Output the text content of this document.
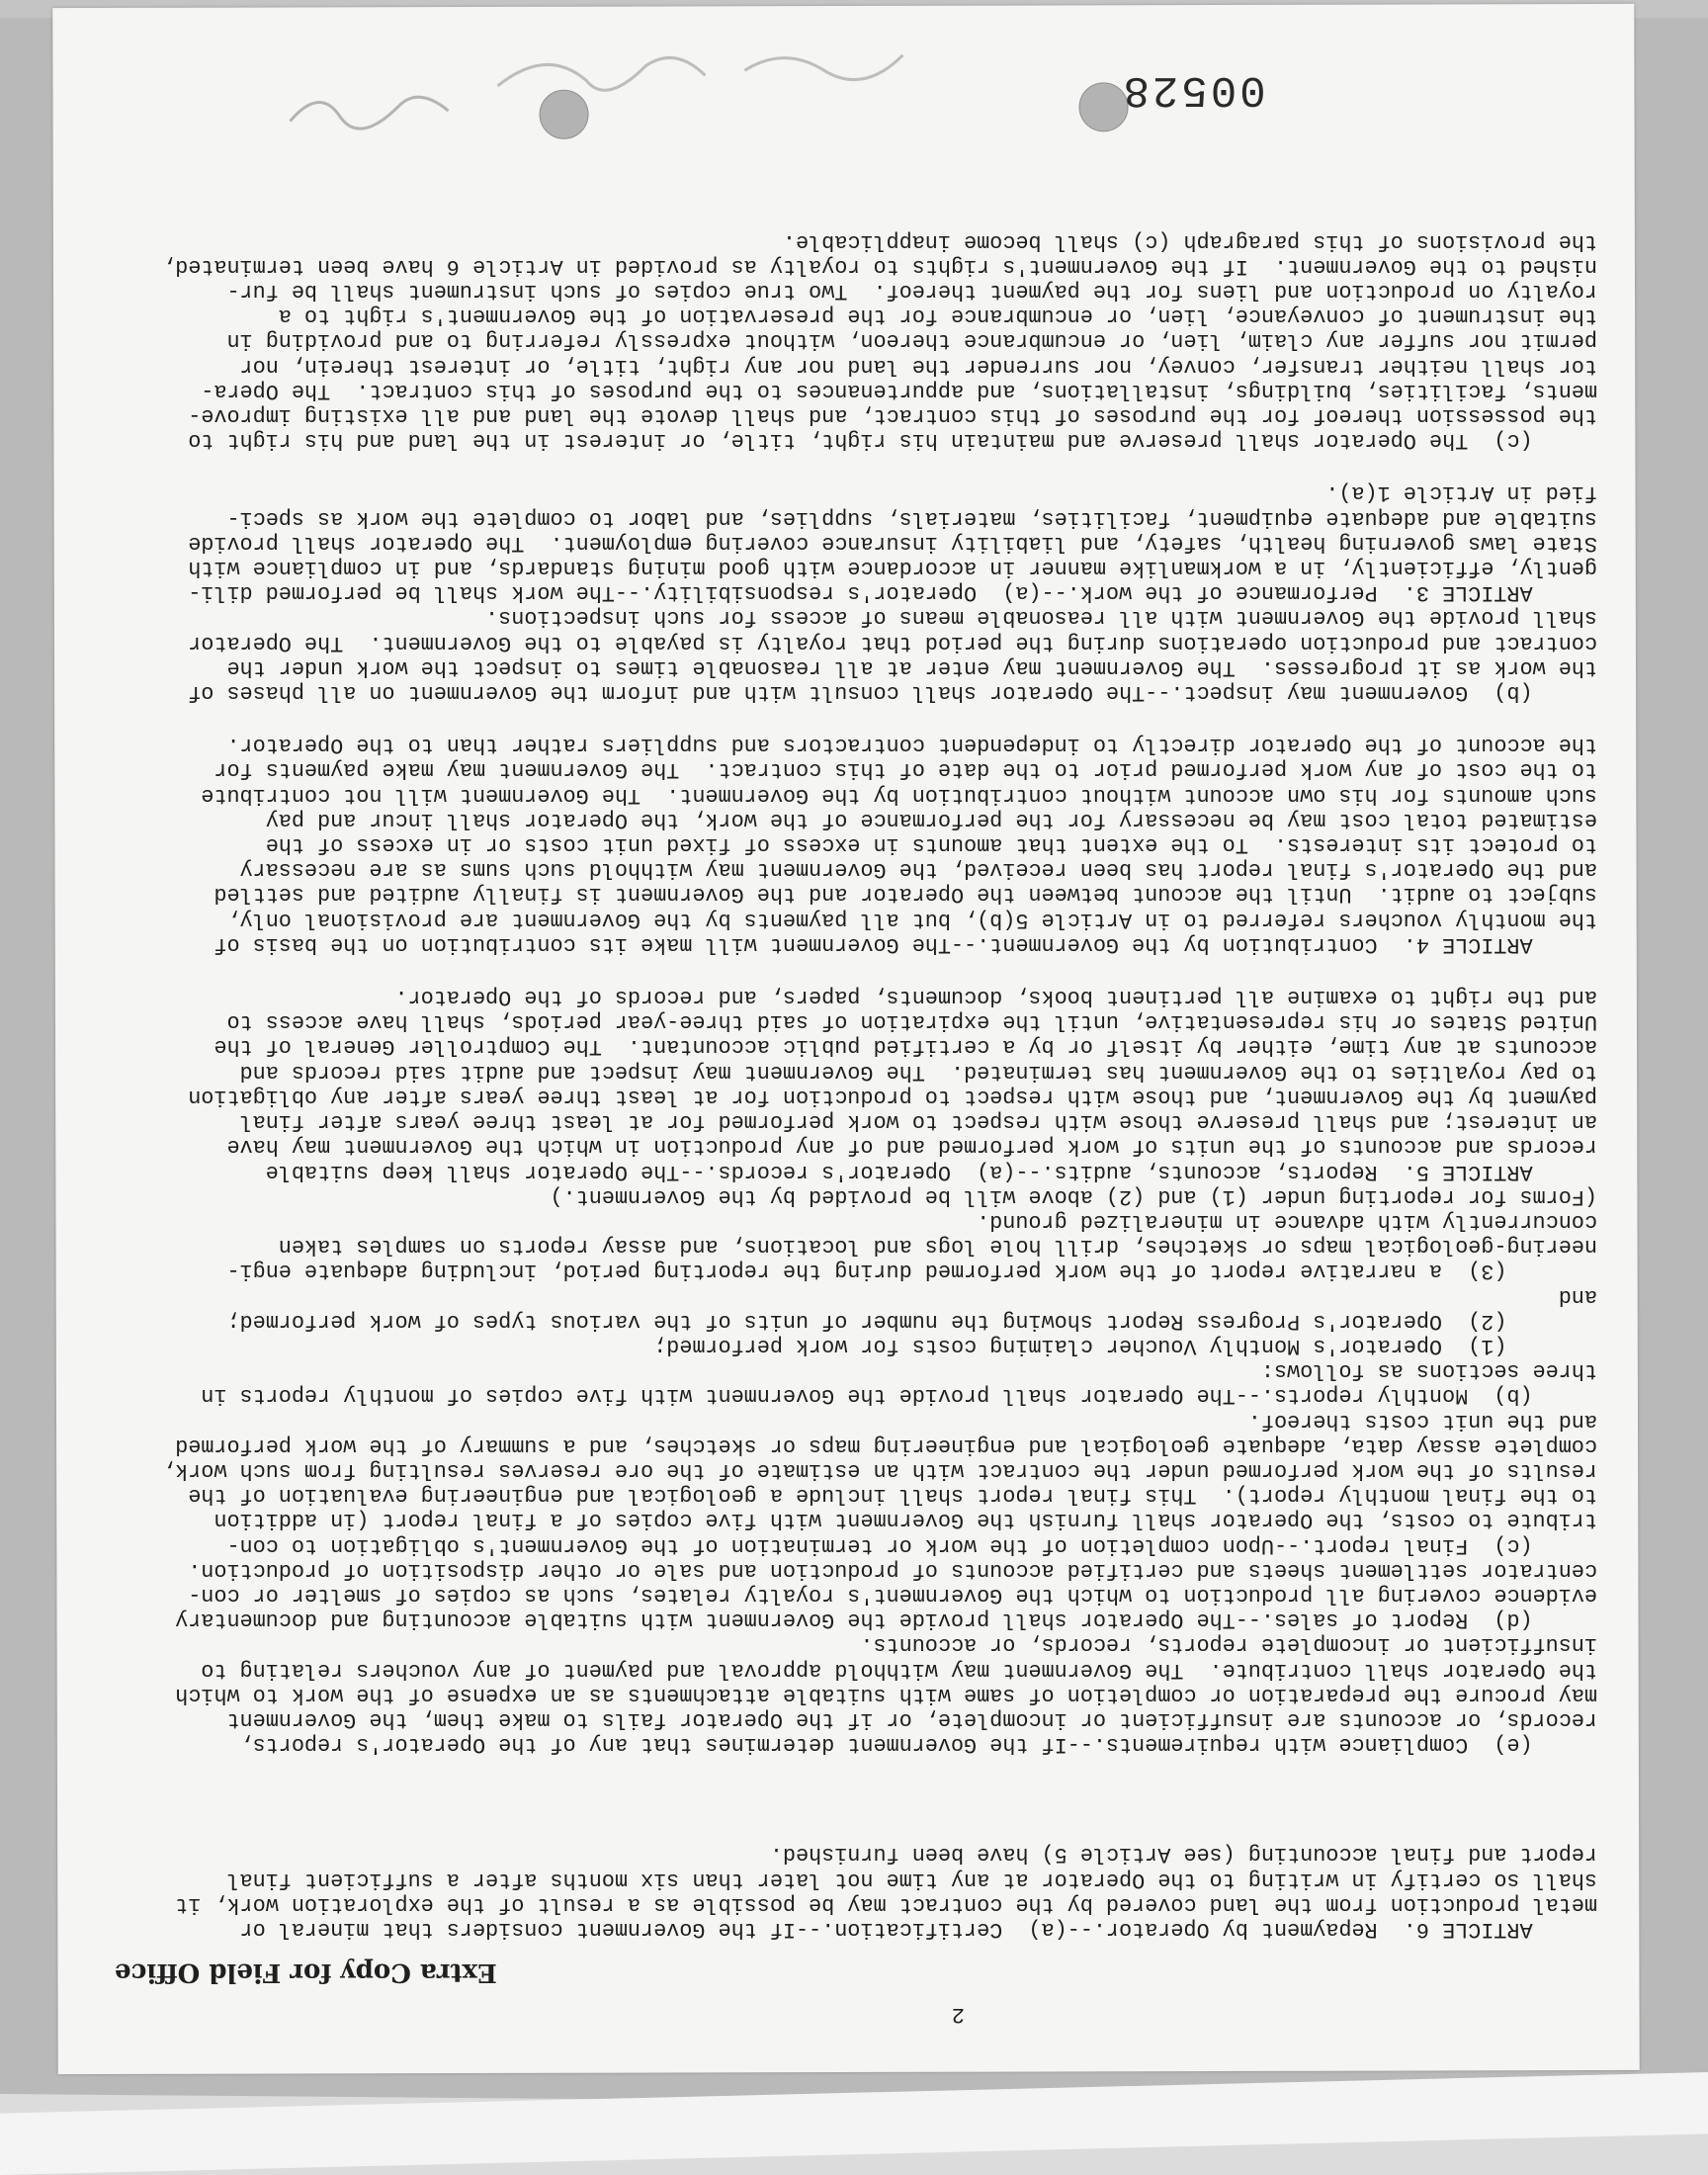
00528
2
Extra Copy for Field Office

ARTICLE 6.  Repayment by Operator.--(a)  Certification.--If the Government considers that mineral or
metal production from the land covered by the contract may be possible as a result of the exploration work, it
shall so certify in writing to the Operator at any time not later than six months after a sufficient final

report and final accounting (see Article 5) have been furnished.

(e)  Compliance with requirements.--If the Government determines that any of the Operator's reports,
records, or accounts are insufficient or incomplete, or if the Operator fails to make them, the Government
may procure the preparation or completion of same with suitable attachments as an expense of the work to which
the Operator shall contribute.  The Government may withhold approval and payment of any vouchers relating to
insufficient or incomplete reports, records, or accounts.

(d)  Report of sales.--The Operator shall provide the Government with suitable accounting and documentary
evidence covering all production to which the Government's royalty relates, such as copies of smelter or con-
centrator settlement sheets and certified accounts of production and sale or other disposition of production.

(c)  Final report.--Upon completion of the work or termination of the Government's obligation to con-
tribute to costs, the Operator shall furnish the Government with five copies of a final report (in addition
to the final monthly report).  This final report shall include a geological and engineering evaluation of the
results of the work performed under the contract with an estimate of the ore reserves resulting from such work,
complete assay data, adequate geological and engineering maps or sketches, and a summary of the work performed
and the unit costs thereof.

(b)  Monthly reports.--The Operator shall provide the Government with five copies of monthly reports in
three sections as follows:
(1)  Operator's Monthly Voucher claiming costs for work performed;
(2)  Operator's Progress Report showing the number of units of the various types of work performed;
and
(3)  a narrative report of the work performed during the reporting period, including adequate engi-
neering-geological maps or sketches, drill hole logs and locations, and assay reports on samples taken
concurrently with advance in mineralized ground.
(Forms for reporting under (1) and (2) above will be provided by the Government.)

ARTICLE 5.  Reports, accounts, audits.--(a)  Operator's records.--The Operator shall keep suitable
records and accounts of the units of work performed and of any production in which the Government may have
an interest; and shall preserve those with respect to work performed for at least three years after final
payment by the Government, and those with respect to production for at least three years after any obligation
to pay royalties to the Government has terminated.  The Government may inspect and audit said records and
accounts at any time, either by itself or by a certified public accountant.  The Comptroller General of the
United States or his representative, until the expiration of said three-year periods, shall have access to
and the right to examine all pertinent books, documents, papers, and records of the Operator.

ARTICLE 4.  Contribution by the Government.--The Government will make its contribution on the basis of
the monthly vouchers referred to in Article 5(b), but all payments by the Government are provisional only,
subject to audit.  Until the account between the Operator and the Government is finally audited and settled
and the Operator's final report has been received, the Government may withhold such sums as are necessary
to protect its interests.  To the extent that amounts in excess of fixed unit costs or in excess of the
estimated total cost may be necessary for the performance of the work, the Operator shall incur and pay
such amounts for his own account without contribution by the Government.  The Government will not contribute
to the cost of any work performed prior to the date of this contract.  The Government may make payments for
the account of the Operator directly to independent contractors and suppliers rather than to the Operator.

(b)  Government may inspect.--The Operator shall consult with and inform the Government on all phases of
the work as it progresses.  The Government may enter at all reasonable times to inspect the work under the
contract and production operations during the period that royalty is payable to the Government.  The Operator
shall provide the Government with all reasonable means of access for such inspections.

ARTICLE 3.  Performance of the work.--(a)  Operator's responsibility.--The work shall be performed dili-
gently, efficiently, in a workmanlike manner in accordance with good mining standards, and in compliance with
State laws governing health, safety, and liability insurance covering employment.  The Operator shall provide
suitable and adequate equipment, facilities, materials, supplies, and labor to complete the work as speci-
fied in Article 1(a).

(c)  The Operator shall preserve and maintain his right, title, or interest in the land and his right to
the possession thereof for the purposes of this contract, and shall devote the land and all existing improve-
ments, facilities, buildings, installations, and appurtenances to the purposes of this contract.  The Opera-
tor shall neither transfer, convey, nor surrender the land nor any right, title, or interest therein, nor
permit nor suffer any claim, lien, or encumbrance thereon, without expressly referring to and providing in
the instrument of conveyance, lien, or encumbrance for the preservation of the Government's right to a
royalty on production and liens for the payment thereof.  Two true copies of such instrument shall be fur-
nished to the Government.  If the Government's rights to royalty as provided in Article 6 have been terminated,
the provisions of this paragraph (c) shall become inapplicable.
